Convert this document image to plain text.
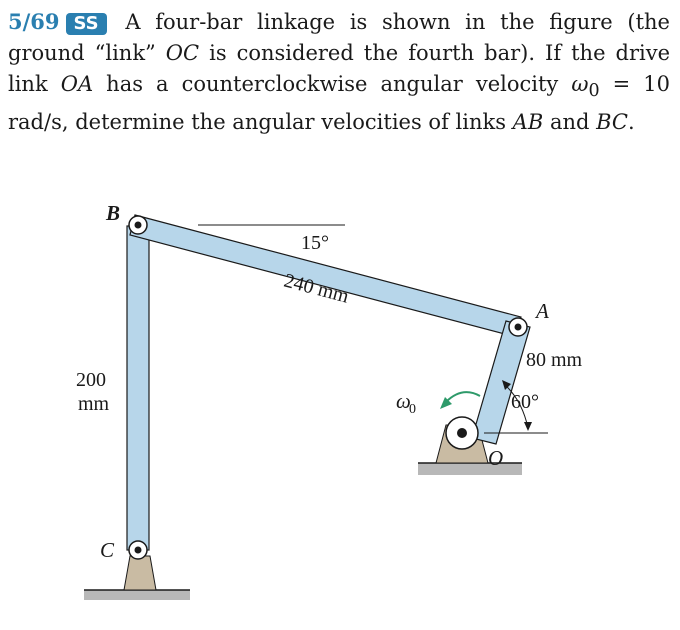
5/69 SS A four-bar linkage is shown in the figure (the ground “link” OC is considered the fourth bar). If the drive link OA has a counterclockwise angular velocity $\omega_0 = 10$ rad/s, determine the angular velocities of links AB and BC.

B
A
C
O
15°
240 mm
80 mm
200
mm	60°
ω
0
